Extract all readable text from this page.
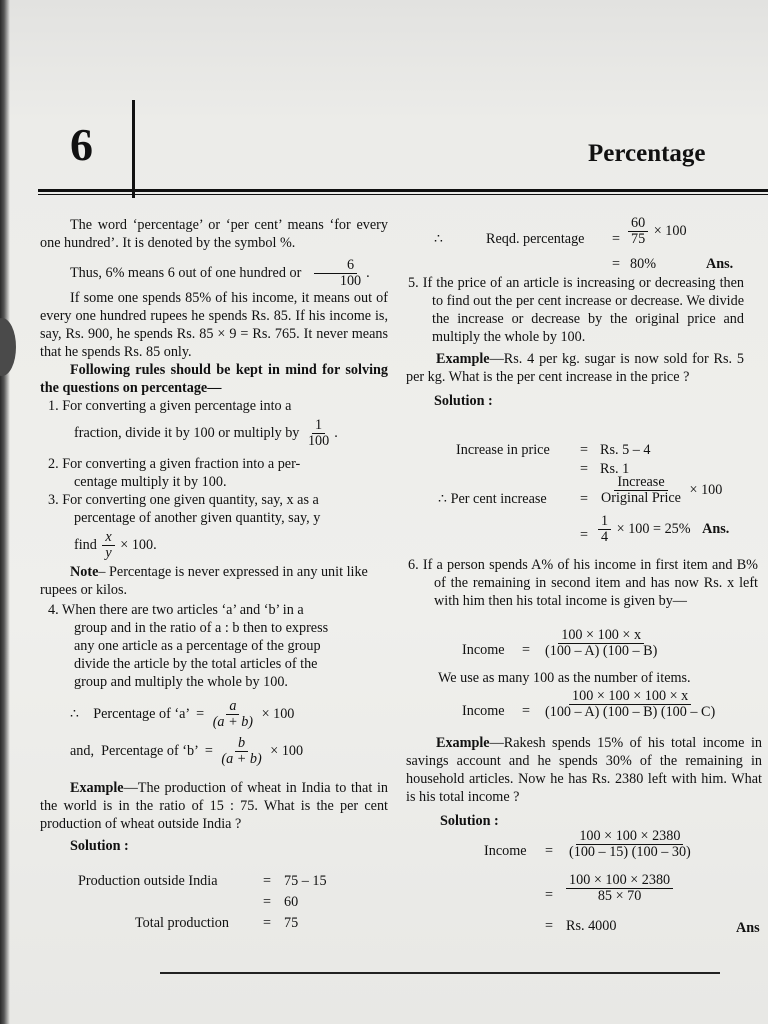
6	Percentage

The word ‘percentage’ or ‘per cent’ means ‘for every one hundred’. It is denoted by the symbol %.

Thus, 6% means 6 out of one hundred or $\frac{6}{100}$ .

If some one spends 85% of his income, it means out of every one hundred rupees he spends Rs. 85. If his income is, say, Rs. 900, he spends Rs. 85 × 9 = Rs. 765. It never means that he spends Rs. 85 only.

Following rules should be kept in mind for solving the questions on percentage—

1. For converting a given percentage into a

fraction, divide it by 100 or multiply by $\frac{1}{100}$ .

2. For converting a given fraction into a per-

centage multiply it by 100.

3. For converting one given quantity, say, x as a

percentage of another given quantity, say, y

find $\frac{x}{y} \times 100$.

Note– Percentage is never expressed in any unit like rupees or kilos.

4. When there are two articles ‘a’ and ‘b’ in a

group and in the ratio of a : b then to express

any one article as a percentage of the group

divide the article by the total articles of the

group and multiply the whole by 100.

∴    Percentage of ‘a’  = $\frac{a}{(a + b)} \times 100$

and,  Percentage of ‘b’  = $\frac{b}{(a + b)} \times 100$

Example—The production of wheat in India to that in the world is in the ratio of 15 : 75. What is the per cent production of wheat outside India ?

Solution :

Production outside India	= 75 – 15
= 60
Total production = 75
∴	Reqd. percentage = $\frac{60}{75} \times 100$
= 80%	Ans.

5. If the price of an article is increasing or decreasing then to find out the per cent increase or decrease. We divide the increase or decrease by the original price and multiply the whole by 100.

Example—Rs. 4 per kg. sugar is now sold for Rs. 5 per kg. What is the per cent increase in the price ?

Solution :

Increase in price = Rs. 5 – 4
= Rs. 1
∴ Per cent increase = $\frac{\text{Increase}}{\text{Original Price}} \times 100$
= $\frac{1}{4} \times 100 = 25\%$ Ans.

6. If a person spends A% of his income in first item and B% of the remaining in second item and has now Rs. x left with him then his total income is given by—

Income = $\frac{100 \times 100 \times x}{(100 - A) (100 - B)}$
We use as many 100 as the number of items.
Income = $\frac{100 \times 100 \times 100 \times x}{(100 - A) (100 - B) (100 - C)}$

Example—Rakesh spends 15% of his total income in savings account and he spends 30% of the remaining in household articles. Now he has Rs. 2380 left with him. What is his total income ?

Solution :

Income = $\frac{100 \times 100 \times 2380}{(100 - 15) (100 - 30)}$
= $\frac{100 \times 100 \times 2380}{85 \times 70}$
= Rs. 4000	Ans
